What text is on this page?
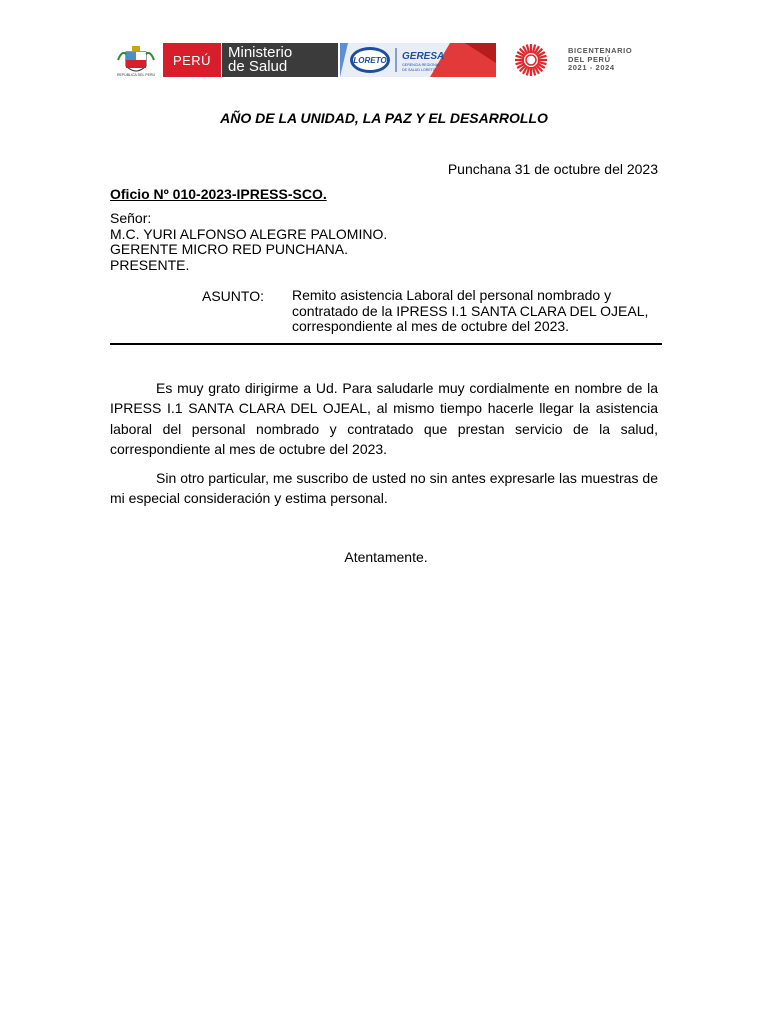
REPÚBLICA DEL PERÚ
PERÚ Ministerio
de Salud	LORETO GERESA
GERENCIA REGIONAL
DE SALUD LORETO
BICENTENARIO
DEL PERÚ
2021 - 2024
AÑO DE LA UNIDAD, LA PAZ Y EL DESARROLLO
Punchana 31 de octubre del 2023
Oficio Nº 010-2023-IPRESS-SCO.
Señor:
M.C. YURI ALFONSO ALEGRE PALOMINO.
GERENTE MICRO RED PUNCHANA.
PRESENTE.
ASUNTO: Remito asistencia Laboral del personal nombrado y
contratado de la IPRESS I.1 SANTA CLARA DEL OJEAL,
correspondiente al mes de octubre del 2023.
Es muy grato dirigirme a Ud. Para saludarle muy cordialmente en nombre de la IPRESS I.1 SANTA CLARA DEL OJEAL, al mismo tiempo hacerle llegar la asistencia laboral del personal nombrado y contratado que prestan servicio de la salud, correspondiente al mes de octubre del 2023.
Sin otro particular, me suscribo de usted no sin antes expresarle las muestras de mi especial consideración y estima personal.
Atentamente.
